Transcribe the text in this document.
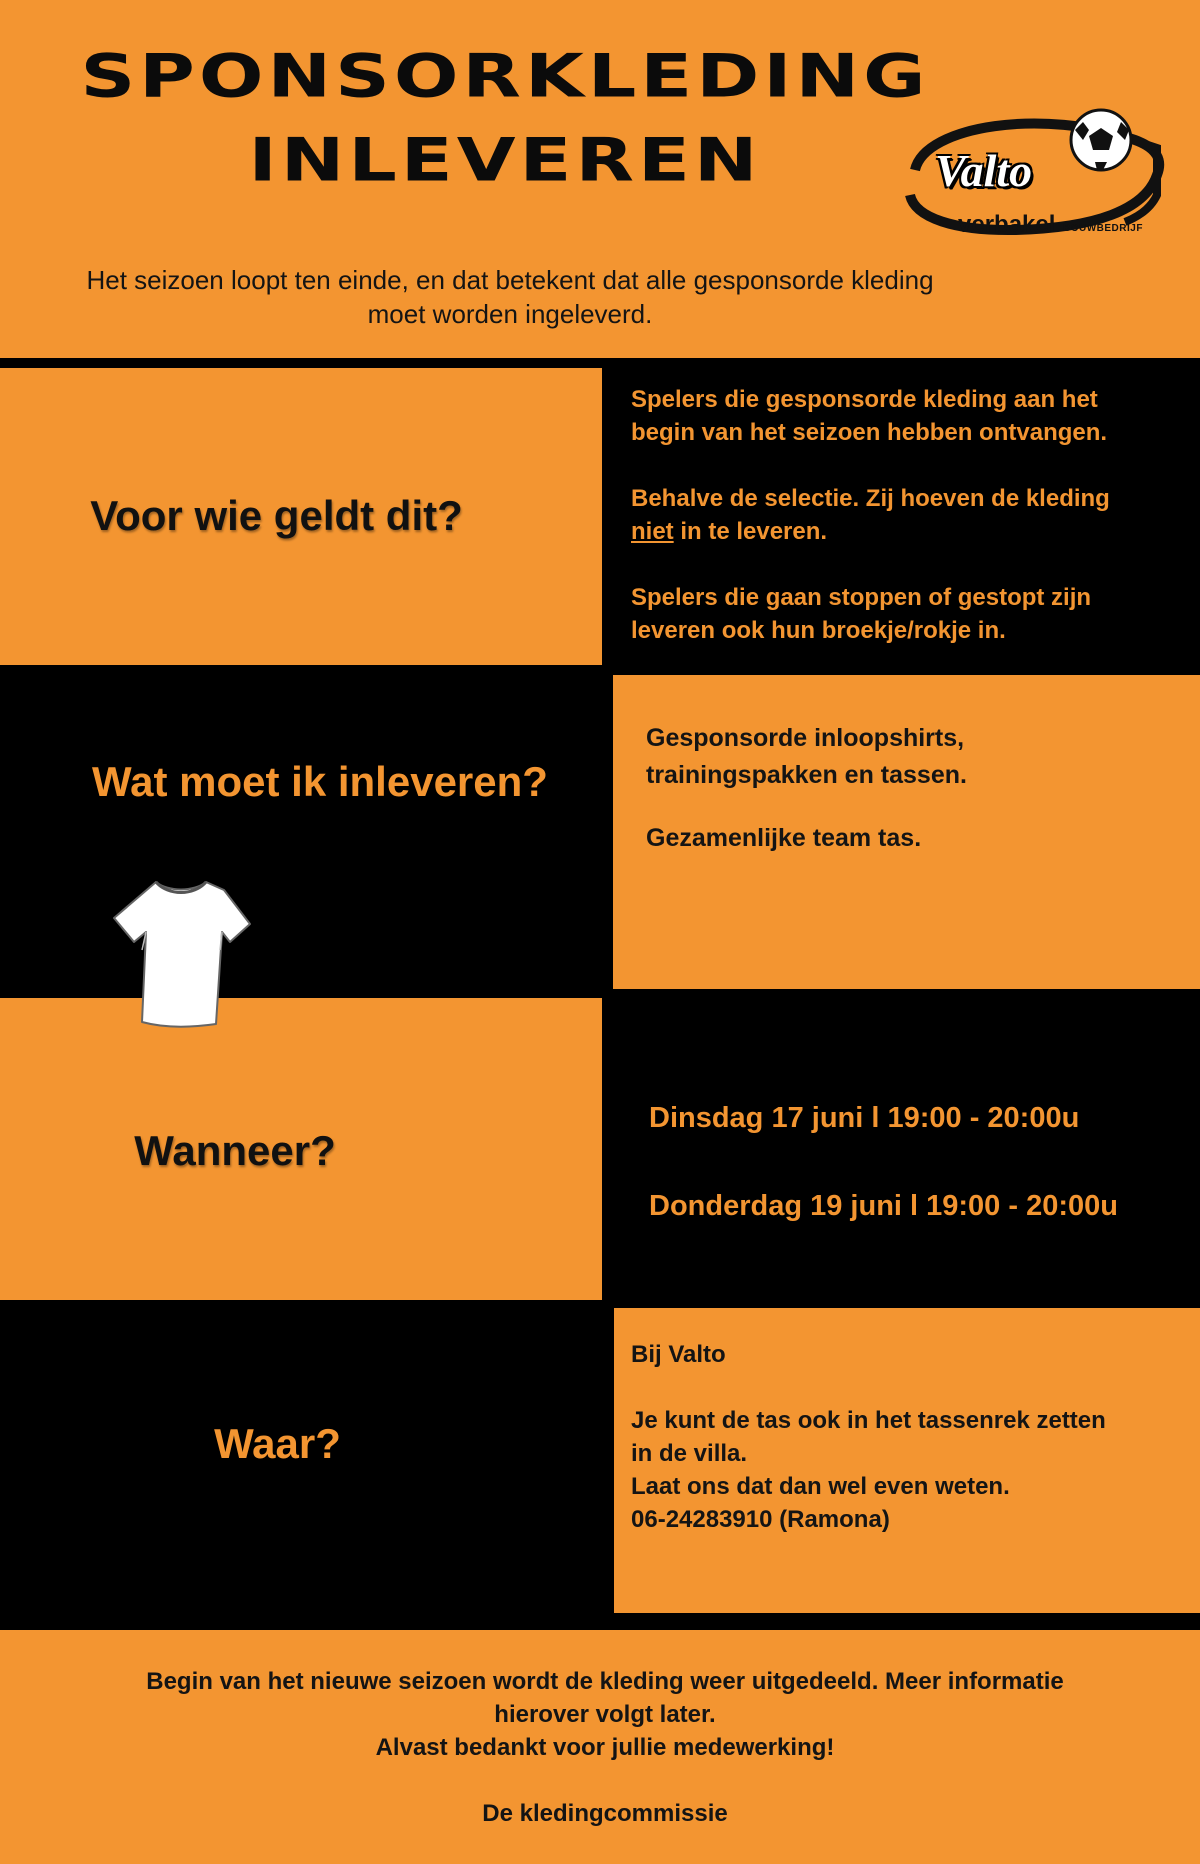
SPONSORKLEDING
INLEVEREN	Valto
verbakel BOUWBEDRIJF
Het seizoen loopt ten einde, en dat betekent dat alle gesponsorde kleding
moet worden ingeleverd.
Voor wie geldt dit?

Spelers die gesponsorde kleding aan het
begin van het seizoen hebben ontvangen.

Behalve de selectie. Zij hoeven de kleding
niet in te leveren.

Spelers die gaan stoppen of gestopt zijn
leveren ook hun broekje/rokje in.

Wat moet ik inleveren?

Gesponsorde inloopshirts,
trainingspakken en tassen.

Gezamenlijke team tas.

Wanneer?

Dinsdag 17 juni l 19:00 - 20:00u

Donderdag 19 juni l 19:00 - 20:00u

Waar?

Bij Valto

Je kunt de tas ook in het tassenrek zetten
in de villa.
Laat ons dat dan wel even weten.
06-24283910 (Ramona)

Begin van het nieuwe seizoen wordt de kleding weer uitgedeeld. Meer informatie
hierover volgt later.
Alvast bedankt voor jullie medewerking!
De kledingcommissie
